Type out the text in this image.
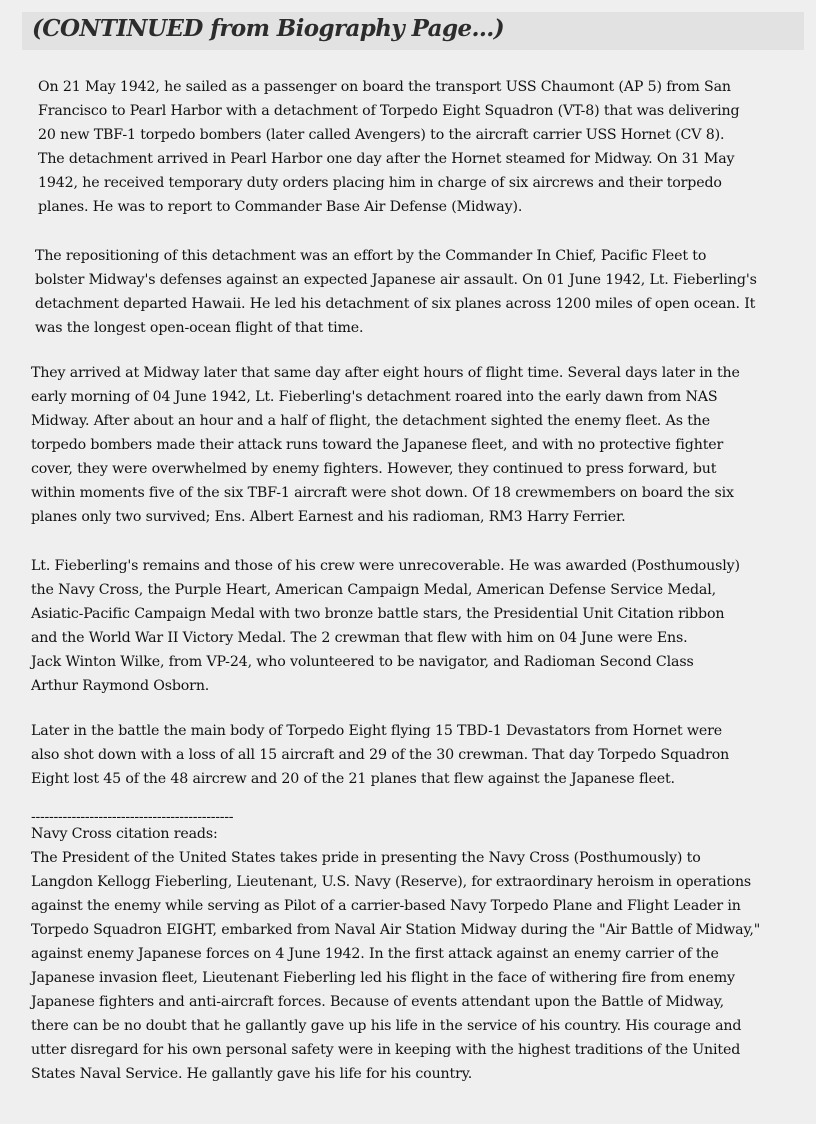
(CONTINUED from Biography Page...)

On 21 May 1942, he sailed as a passenger on board the transport USS Chaumont (AP 5) from San
Francisco to Pearl Harbor with a detachment of Torpedo Eight Squadron (VT-8) that was delivering
20 new TBF-1 torpedo bombers (later called Avengers) to the aircraft carrier USS Hornet (CV 8).
The detachment arrived in Pearl Harbor one day after the Hornet steamed for Midway. On 31 May
1942, he received temporary duty orders placing him in charge of six aircrews and their torpedo
planes. He was to report to Commander Base Air Defense (Midway).

The repositioning of this detachment was an effort by the Commander In Chief, Pacific Fleet to
bolster Midway's defenses against an expected Japanese air assault. On 01 June 1942, Lt. Fieberling's
detachment departed Hawaii. He led his detachment of six planes across 1200 miles of open ocean. It
was the longest open-ocean flight of that time.

They arrived at Midway later that same day after eight hours of flight time. Several days later in the
early morning of 04 June 1942, Lt. Fieberling's detachment roared into the early dawn from NAS
Midway. After about an hour and a half of flight, the detachment sighted the enemy fleet. As the
torpedo bombers made their attack runs toward the Japanese fleet, and with no protective fighter
cover, they were overwhelmed by enemy fighters. However, they continued to press forward, but
within moments five of the six TBF-1 aircraft were shot down. Of 18 crewmembers on board the six
planes only two survived; Ens. Albert Earnest and his radioman, RM3 Harry Ferrier.

Lt. Fieberling's remains and those of his crew were unrecoverable. He was awarded (Posthumously)
the Navy Cross, the Purple Heart, American Campaign Medal, American Defense Service Medal,
Asiatic-Pacific Campaign Medal with two bronze battle stars, the Presidential Unit Citation ribbon
and the World War II Victory Medal. The 2 crewman that flew with him on 04 June were Ens.
Jack Winton Wilke, from VP-24, who volunteered to be navigator, and Radioman Second Class
Arthur Raymond Osborn.

Later in the battle the main body of Torpedo Eight flying 15 TBD-1 Devastators from Hornet were
also shot down with a loss of all 15 aircraft and 29 of the 30 crewman. That day Torpedo Squadron
Eight lost 45 of the 48 aircrew and 20 of the 21 planes that flew against the Japanese fleet.

---------------------------------------------

Navy Cross citation reads:
The President of the United States takes pride in presenting the Navy Cross (Posthumously) to
Langdon Kellogg Fieberling, Lieutenant, U.S. Navy (Reserve), for extraordinary heroism in operations
against the enemy while serving as Pilot of a carrier-based Navy Torpedo Plane and Flight Leader in
Torpedo Squadron EIGHT, embarked from Naval Air Station Midway during the "Air Battle of Midway,"
against enemy Japanese forces on 4 June 1942. In the first attack against an enemy carrier of the
Japanese invasion fleet, Lieutenant Fieberling led his flight in the face of withering fire from enemy
Japanese fighters and anti-aircraft forces. Because of events attendant upon the Battle of Midway,
there can be no doubt that he gallantly gave up his life in the service of his country. His courage and
utter disregard for his own personal safety were in keeping with the highest traditions of the United
States Naval Service. He gallantly gave his life for his country.
